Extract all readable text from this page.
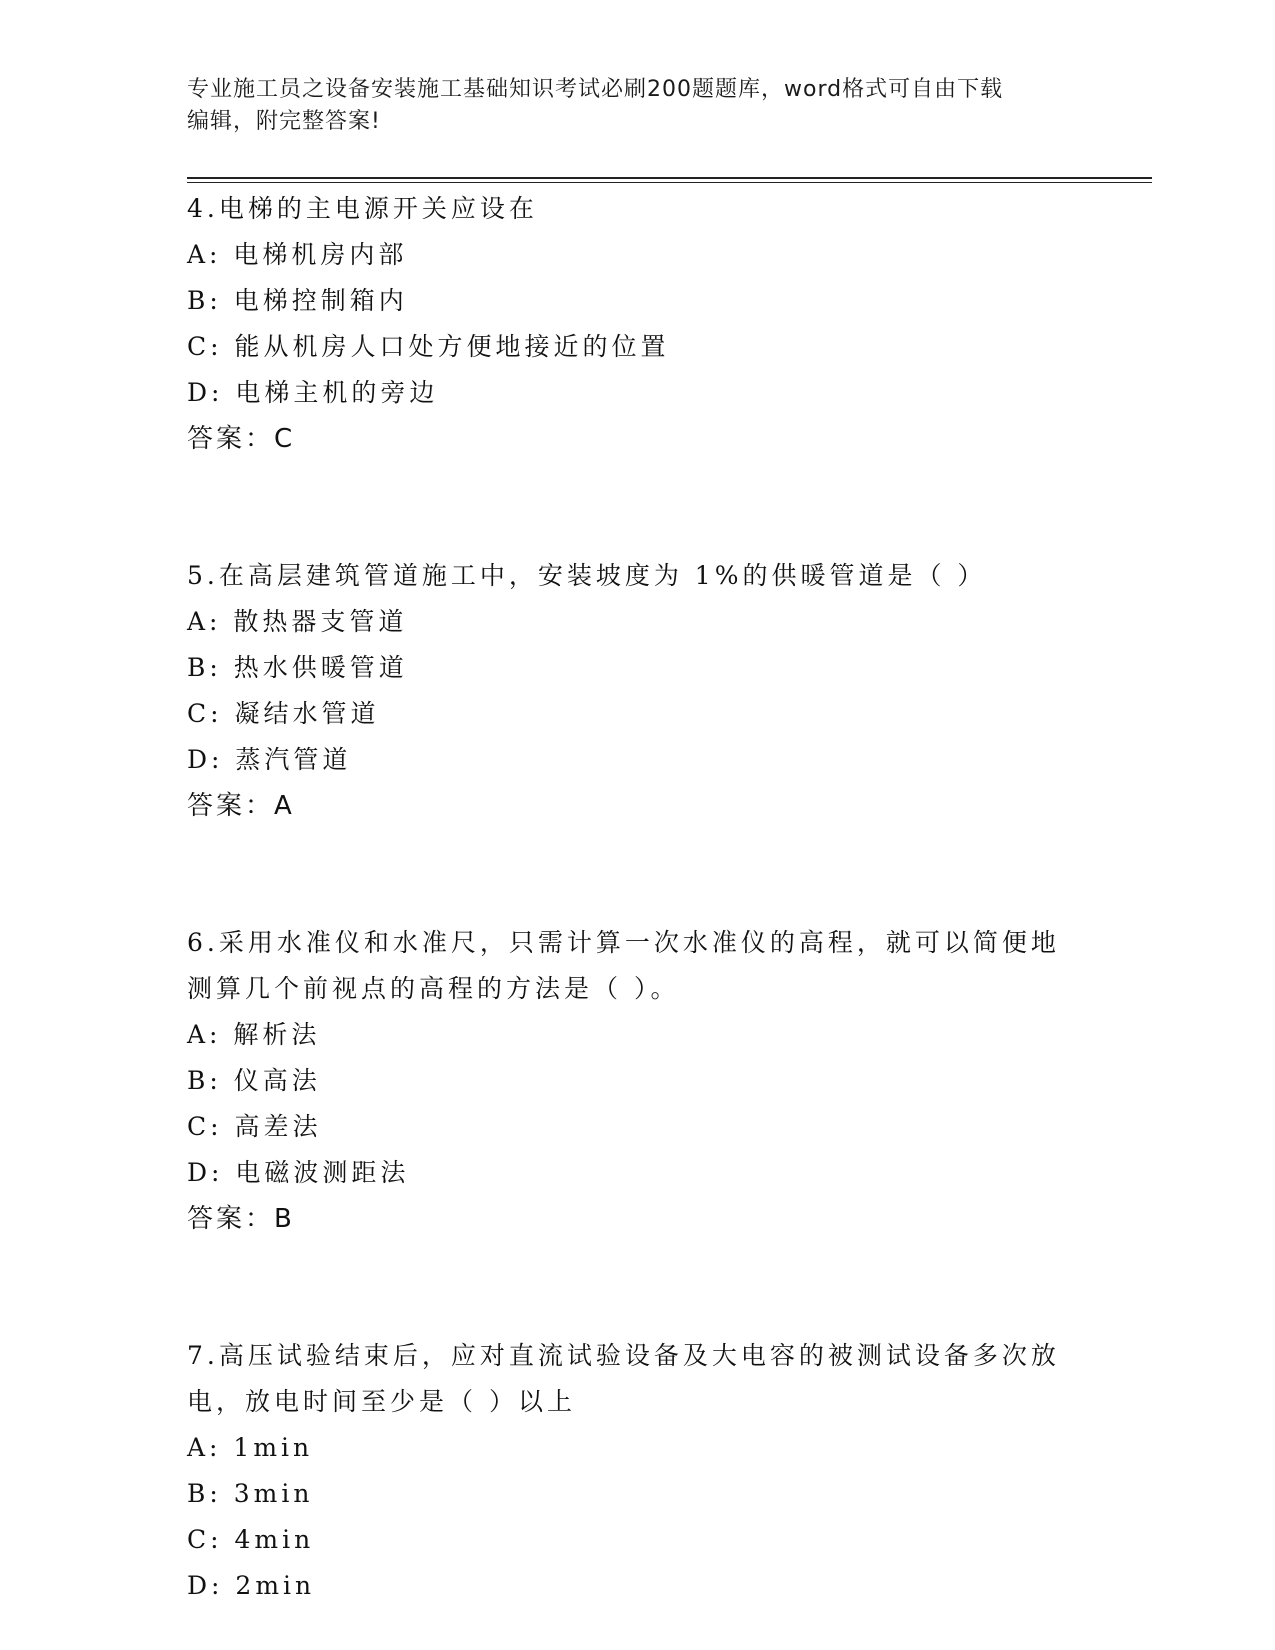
专业施工员之设备安装施工基础知识考试必刷200题题库，word格式可自由下载
编辑，附完整答案!

4.电梯的主电源开关应设在

A: 电梯机房内部

B: 电梯控制箱内

C: 能从机房人口处方便地接近的位置

D: 电梯主机的旁边

答案：C

5.在高层建筑管道施工中，安装坡度为 1%的供暖管道是（ ）

A: 散热器支管道

B: 热水供暖管道

C: 凝结水管道

D: 蒸汽管道

答案：A

6.采用水准仪和水准尺，只需计算一次水准仪的高程，就可以简便地

测算几个前视点的高程的方法是（ ）。

A: 解析法

B: 仪高法

C: 高差法

D: 电磁波测距法

答案：B

7.高压试验结束后，应对直流试验设备及大电容的被测试设备多次放

电，放电时间至少是（ ）以上

A: 1min

B: 3min

C: 4min

D: 2min
